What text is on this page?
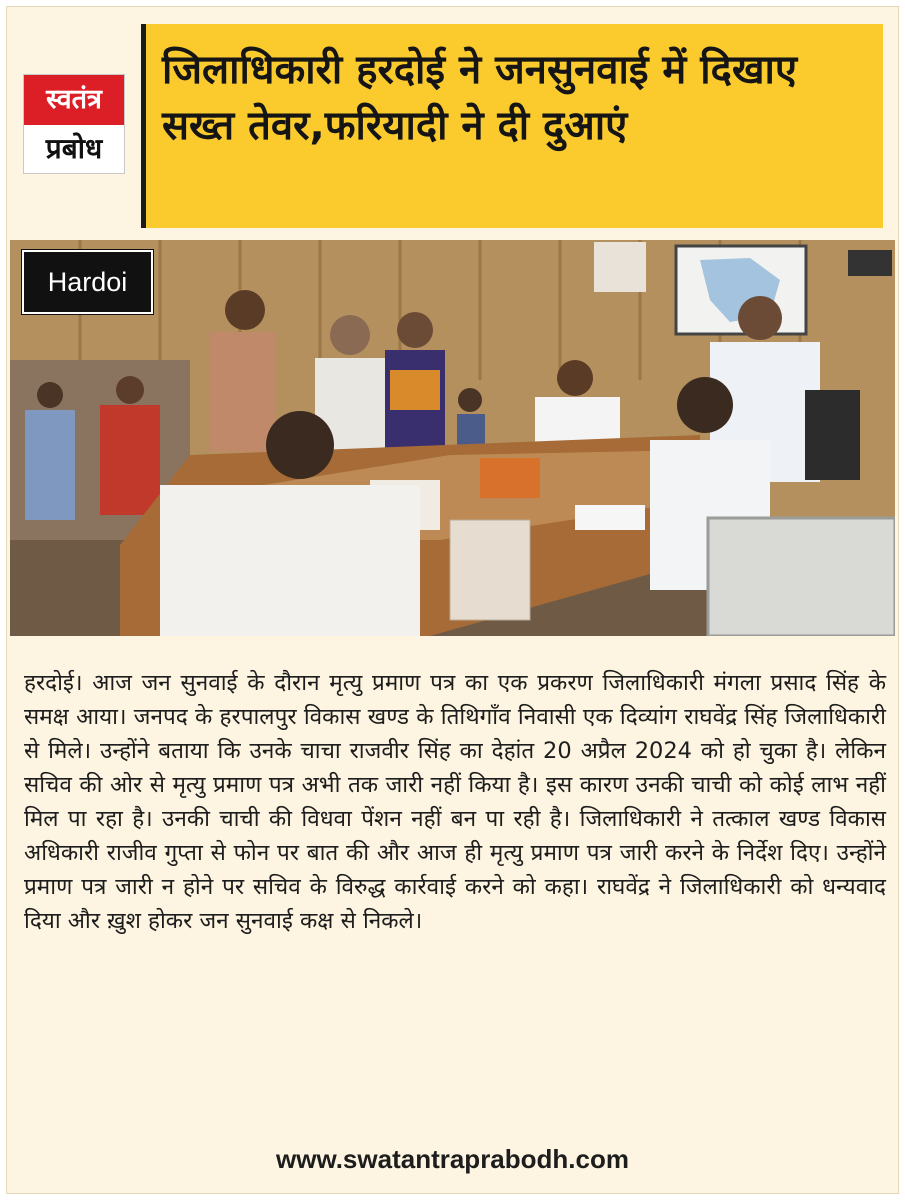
स्वतंत्र
प्रबोध
जिलाधिकारी हरदोई ने जनसुनवाई में दिखाए सख्त तेवर,फरियादी ने दी दुआएं
Hardoi
हरदोई। आज जन सुनवाई के दौरान मृत्यु प्रमाण पत्र का एक प्रकरण जिलाधिकारी मंगला प्रसाद सिंह के समक्ष आया। जनपद के हरपालपुर विकास खण्ड के तिथिगाँव निवासी एक दिव्यांग राघवेंद्र सिंह जिलाधिकारी से मिले। उन्होंने बताया कि उनके चाचा राजवीर सिंह का देहांत 20 अप्रैल 2024 को हो चुका है। लेकिन सचिव की ओर से मृत्यु प्रमाण पत्र अभी तक जारी नहीं किया है। इस कारण उनकी चाची को कोई लाभ नहीं मिल पा रहा है। उनकी चाची की विधवा पेंशन नहीं बन पा रही है। जिलाधिकारी ने तत्काल खण्ड विकास अधिकारी राजीव गुप्ता से फोन पर बात की और आज ही मृत्यु प्रमाण पत्र जारी करने के निर्देश दिए। उन्होंने प्रमाण पत्र जारी न होने पर सचिव के विरुद्ध कार्रवाई करने को कहा। राघवेंद्र ने जिलाधिकारी को धन्यवाद दिया और ख़ुश होकर जन सुनवाई कक्ष से निकले।
www.swatantraprabodh.com
